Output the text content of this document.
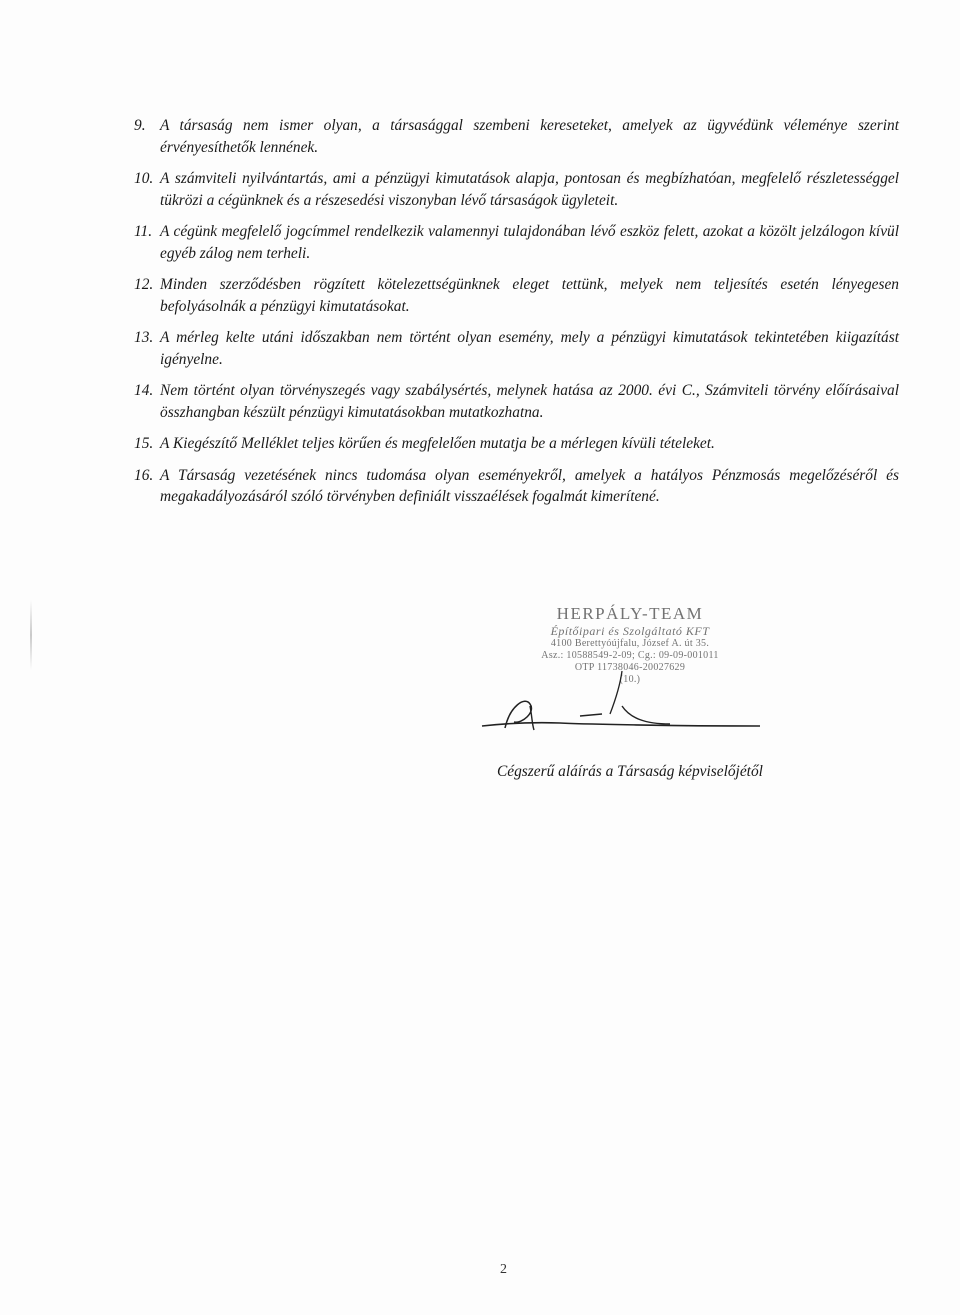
9. A társaság nem ismer olyan, a társasággal szembeni kereseteket, amelyek az ügyvédünk véleménye szerint érvényesíthetők lennének.
10. A számviteli nyilvántartás, ami a pénzügyi kimutatások alapja, pontosan és megbízhatóan, megfelelő részletességgel tükrözi a cégünknek és a részesedési viszonyban lévő társaságok ügyleteit.
11. A cégünk megfelelő jogcímmel rendelkezik valamennyi tulajdonában lévő eszköz felett, azokat a közölt jelzálogon kívül egyéb zálog nem terheli.
12. Minden szerződésben rögzített kötelezettségünknek eleget tettünk, melyek nem teljesítés esetén lényegesen befolyásolnák a pénzügyi kimutatásokat.
13. A mérleg kelte utáni időszakban nem történt olyan esemény, mely a pénzügyi kimutatások tekintetében kiigazítást igényelne.
14. Nem történt olyan törvényszegés vagy szabálysértés, melynek hatása az 2000. évi C., Számviteli törvény előírásaival összhangban készült pénzügyi kimutatásokban mutatkozhatna.
15. A Kiegészítő Melléklet teljes körűen és megfelelően mutatja be a mérlegen kívüli tételeket.
16. A Társaság vezetésének nincs tudomása olyan eseményekről, amelyek a hatályos Pénzmosás megelőzéséről és megakadályozásáról szóló törvényben definiált visszaélések fogalmát kimerítené.
HERPÁLY-TEAM
Építőipari és Szolgáltató KFT
4100 Berettyóújfalu, József A. út 35.
Asz.: 10588549-2-09; Cg.: 09-09-001011
OTP 11738046-20027629
(10.)
Cégszerű aláírás a Társaság képviselőjétől
2
